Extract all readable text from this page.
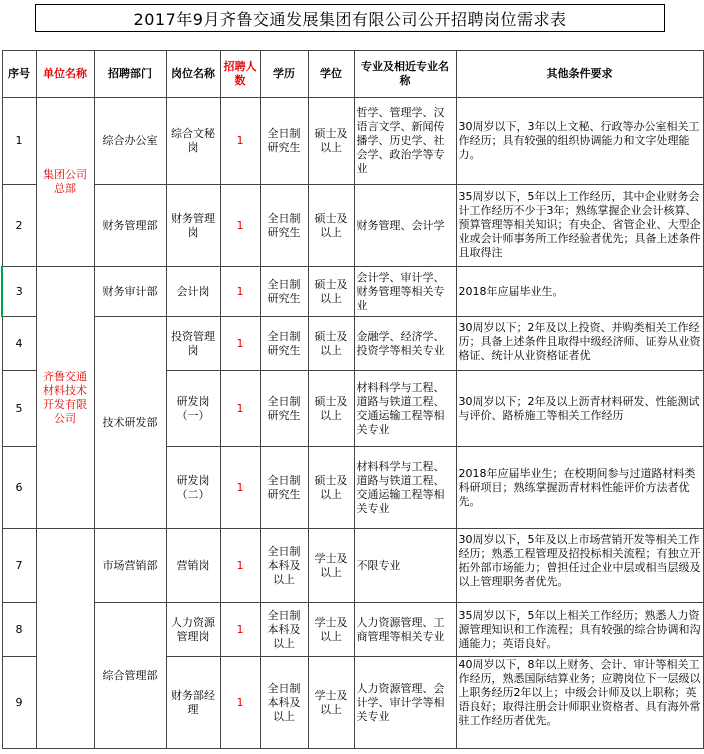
2017年9月齐鲁交通发展集团有限公司公开招聘岗位需求表
序号	单位名称	招聘部门	岗位名称	招聘人数	学历	学位	专业及相近专业名称	其他条件要求
1	集团公司总部	综合办公室	综合文秘岗	1	全日制研究生	硕士及以上	哲学、管理学、汉语言文学、新闻传播学、历史学、社会学、政治学等专业	30周岁以下，3年以上文秘、行政等办公室相关工作经历；具有较强的组织协调能力和文字处理能力。
2		财务管理部	财务管理岗	1	全日制研究生	硕士及以上	财务管理、会计学	35周岁以下，5年以上工作经历，其中企业财务会计工作经历不少于3年；熟练掌握企业会计核算、预算管理等相关知识；有央企、省管企业、大型企业或会计师事务所工作经验者优先；具备上述条件且取得注

3	齐鲁交通材料技术开发有限公司	财务审计部	会计岗	1	全日制研究生	硕士及以上	会计学、审计学、财务管理等相关专业	2018年应届毕业生。
4		技术研发部	投资管理岗	1	全日制研究生	硕士及以上	金融学、经济学、投资学等相关专业	30周岁以下；2年及以上投资、并购类相关工作经历；具备上述条件且取得中级经济师、证券从业资格证、统计从业资格证者优

5			研发岗（一）	1	全日制研究生	硕士及以上	材料科学与工程、道路与铁道工程、交通运输工程等相关专业	30周岁以下；2年及以上沥青材料研发、性能测试与评价、路桥施工等相关工作经历
6			研发岗（二）	1	全日制研究生	硕士及以上	材料科学与工程、道路与铁道工程、交通运输工程等相关专业	2018年应届毕业生；在校期间参与过道路材料类科研项目；熟练掌握沥青材料性能评价方法者优先。
7		市场营销部	营销岗	1	全日制本科及以上	学士及以上	不限专业	30周岁以下，5年及以上市场营销开发等相关工作经历；熟悉工程管理及招投标相关流程；有独立开拓外部市场能力；曾担任过企业中层或相当层级及以上管理职务者优先。

8		综合管理部	人力资源管理岗	1	全日制本科及以上	学士及以上	人力资源管理、工商管理等相关专业	35周岁以下，5年以上相关工作经历；熟悉人力资源管理知识和工作流程；具有较强的综合协调和沟通能力；英语良好。
9			财务部经理	1	全日制本科及以上	学士及以上	人力资源管理、会计学、审计学等相关专业	40周岁以下，8年以上财务、会计、审计等相关工作经历，熟悉国际结算业务；应聘岗位下一层级以上职务经历2年以上；中级会计师及以上职称；英语良好；取得注册会计师职业资格者、具有海外常驻工作经历者优先。
